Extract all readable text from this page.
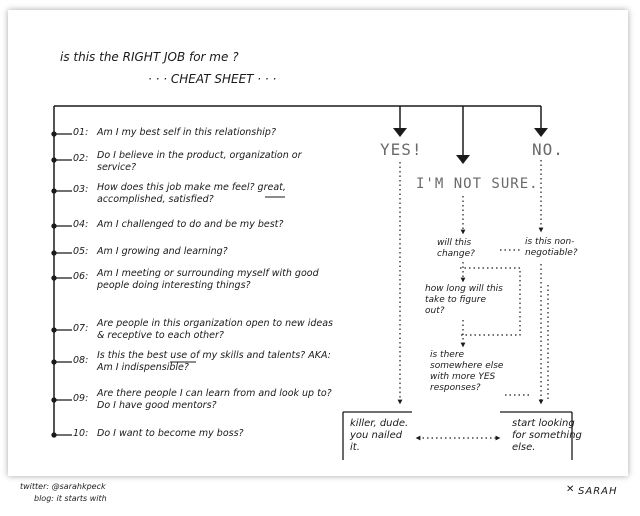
is this the RIGHT JOB for me ?
· · · CHEAT SHEET · · ·
01: Am I my best self in this relationship?
02: Do I believe in the product, organization or service?
03: How does this job make me feel? great, accomplished, satisfied?
04: Am I challenged to do and be my best?
05: Am I growing and learning?
06: Am I meeting or surrounding myself with good people doing interesting things?
07: Are people in this organization open to new ideas & receptive to each other?
08: Is this the best use of my skills and talents? AKA: Am I indispensible?
09: Are there people I can learn from and look up to? Do I have good mentors?
10: Do I want to become my boss?
YES!
I'M NOT SURE.
NO.
will this change?
is this non-negotiable?
how long will this take to figure out?
is there somewhere else with more YES responses?
killer, dude. you nailed it.
start looking for something else.
twitter: @sarahkpeck
blog: it starts with
SARAH
✕
